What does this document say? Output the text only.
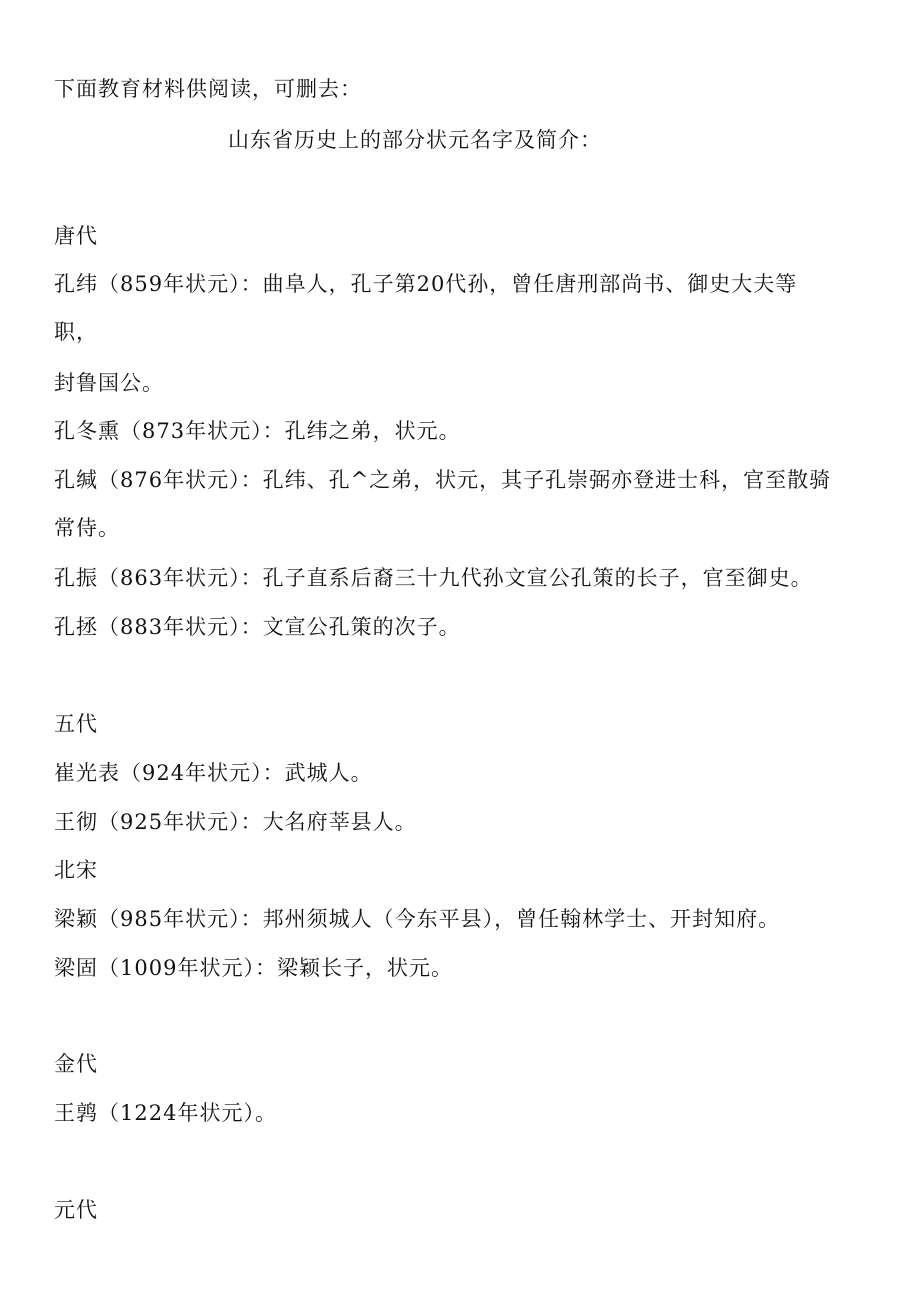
下面教育材料供阅读，可删去：
山东省历史上的部分状元名字及简介：
唐代
孔纬（859年状元）：曲阜人，孔子第20代孙，曾任唐刑部尚书、御史大夫等
职，
封鲁国公。
孔冬熏（873年状元）：孔纬之弟，状元。
孔缄（876年状元）：孔纬、孔^之弟，状元，其子孔崇弼亦登进士科，官至散骑
常侍。
孔振（863年状元）：孔子直系后裔三十九代孙文宣公孔策的长子，官至御史。
孔拯（883年状元）：文宣公孔策的次子。
五代
崔光表（924年状元）：武城人。
王彻（925年状元）：大名府莘县人。
北宋
梁颖（985年状元）：邦州须城人（今东平县），曾任翰林学士、开封知府。
梁固（1009年状元）：梁颖长子，状元。
金代
王鹑（1224年状元）。
元代
